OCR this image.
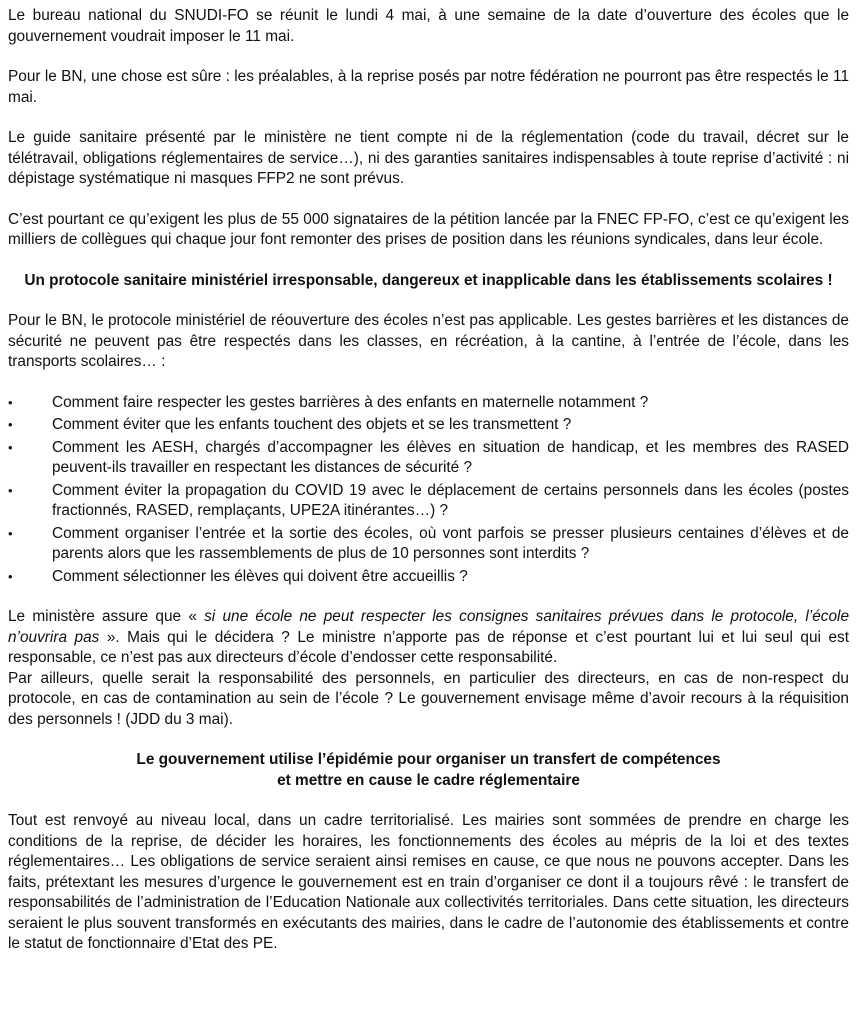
Le bureau national du SNUDI-FO se réunit le lundi 4 mai, à une semaine de la date d’ouverture des écoles que le gouvernement voudrait imposer le 11 mai.

Pour le BN, une chose est sûre : les préalables, à la reprise posés par notre fédération ne pourront pas être respectés le 11 mai.

Le guide sanitaire présenté par le ministère ne tient compte ni de la réglementation (code du travail, décret sur le télétravail, obligations réglementaires de service…), ni des garanties sanitaires indispensables à toute reprise d’activité : ni dépistage systématique ni masques FFP2 ne sont prévus.

C’est pourtant ce qu’exigent les plus de 55 000 signataires de la pétition lancée par la FNEC FP-FO, c’est ce qu’exigent les milliers de collègues qui chaque jour font remonter des prises de position dans les réunions syndicales, dans leur école.

Un protocole sanitaire ministériel irresponsable, dangereux et inapplicable dans les établissements scolaires !

Pour le BN, le protocole ministériel de réouverture des écoles n’est pas applicable. Les gestes barrières et les distances de sécurité ne peuvent pas être respectés dans les classes, en récréation, à la cantine, à l’entrée de l’école, dans les transports scolaires… :

•	Comment faire respecter les gestes barrières à des enfants en maternelle notamment ?
•	Comment éviter que les enfants touchent des objets et se les transmettent ?
•	Comment les AESH, chargés d’accompagner les élèves en situation de handicap, et les membres des RASED peuvent-ils travailler en respectant les distances de sécurité ?
•	Comment éviter la propagation du COVID 19 avec le déplacement de certains personnels dans les écoles (postes fractionnés, RASED, remplaçants, UPE2A itinérantes…) ?
•	Comment organiser l’entrée et la sortie des écoles, où vont parfois se presser plusieurs centaines d’élèves et de parents alors que les rassemblements de plus de 10 personnes sont interdits ?
•	Comment sélectionner les élèves qui doivent être accueillis ?

Le ministère assure que « si une école ne peut respecter les consignes sanitaires prévues dans le protocole, l’école n’ouvrira pas ». Mais qui le décidera ? Le ministre n’apporte pas de réponse et c’est pourtant lui et lui seul qui est responsable, ce n’est pas aux directeurs d’école d’endosser cette responsabilité.

Par ailleurs, quelle serait la responsabilité des personnels, en particulier des directeurs, en cas de non-respect du protocole, en cas de contamination au sein de l’école ? Le gouvernement envisage même d’avoir recours à la réquisition des personnels ! (JDD du 3 mai).

Le gouvernement utilise l’épidémie pour organiser un transfert de compétences
et mettre en cause le cadre réglementaire

Tout est renvoyé au niveau local, dans un cadre territorialisé. Les mairies sont sommées de prendre en charge les conditions de la reprise, de décider les horaires, les fonctionnements des écoles au mépris de la loi et des textes réglementaires… Les obligations de service seraient ainsi remises en cause, ce que nous ne pouvons accepter. Dans les faits, prétextant les mesures d’urgence le gouvernement est en train d’organiser ce dont il a toujours rêvé : le transfert de responsabilités de l’administration de l’Education Nationale aux collectivités territoriales. Dans cette situation, les directeurs seraient le plus souvent transformés en exécutants des mairies, dans le cadre de l’autonomie des établissements et contre le statut de fonctionnaire d’Etat des PE.
